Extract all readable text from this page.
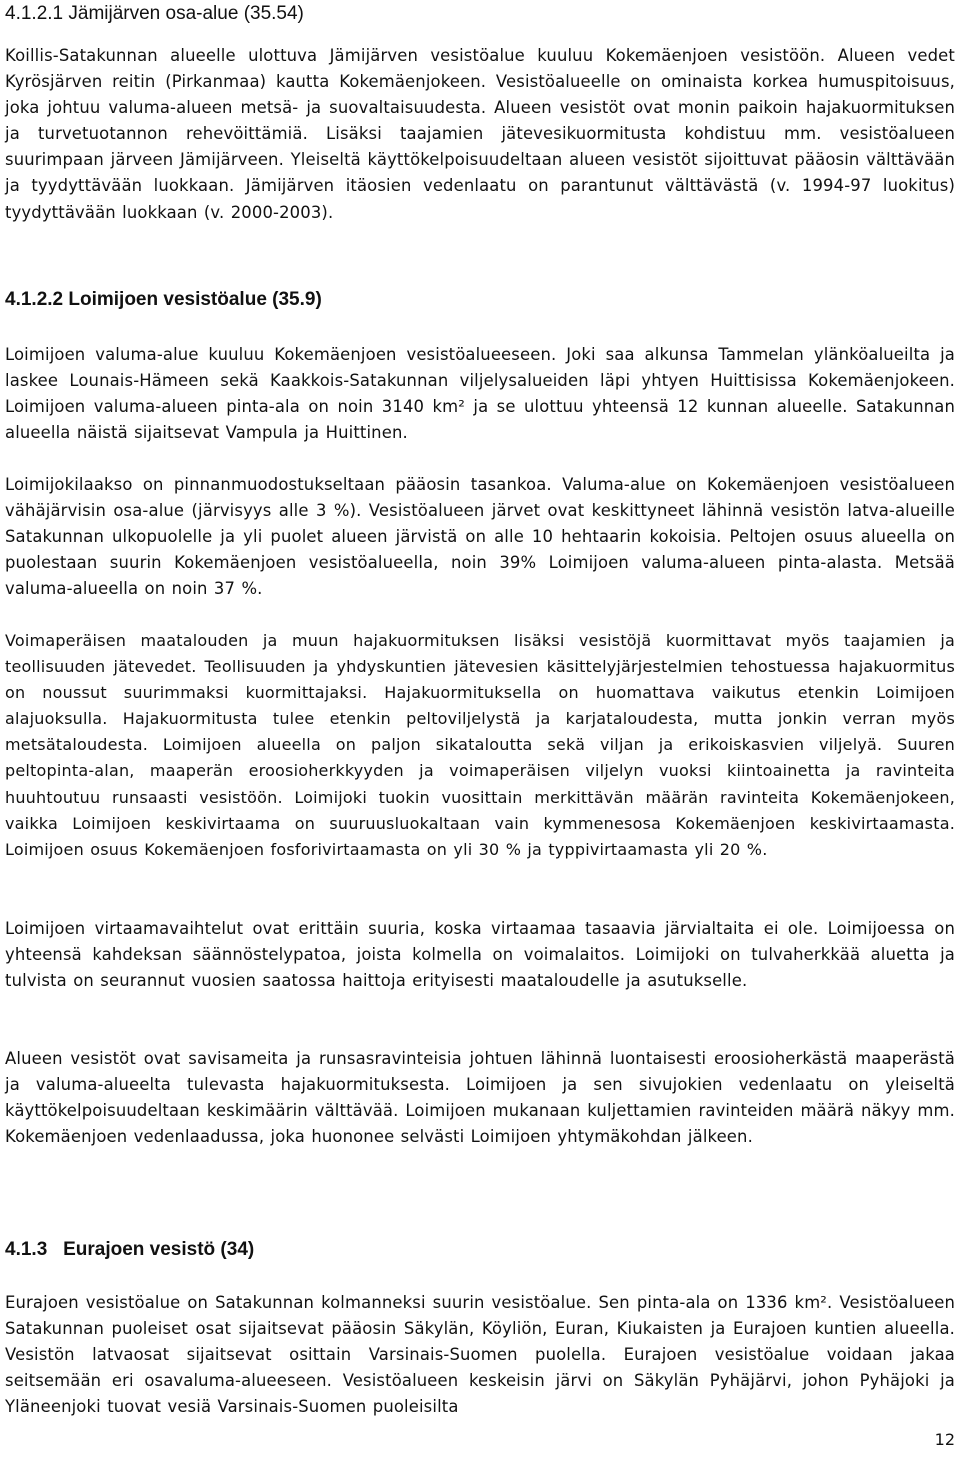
4.1.2.1 Jämijärven osa-alue (35.54)

Koillis-Satakunnan alueelle ulottuva Jämijärven vesistöalue kuuluu Kokemäenjoen vesistöön. Alueen vedet Kyrösjärven reitin (Pirkanmaa) kautta Kokemäenjokeen. Vesistöalueelle on ominaista korkea humuspitoisuus, joka johtuu valuma-alueen metsä- ja suovaltaisuudesta. Alueen vesistöt ovat monin paikoin hajakuormituksen ja turvetuotannon rehevöittämiä. Lisäksi taajamien jätevesikuormitusta kohdistuu mm. vesistöalueen suurimpaan järveen Jämijärveen. Yleiseltä käyttökelpoisuudeltaan alueen vesistöt sijoittuvat pääosin välttävään ja tyydyttävään luokkaan. Jämijärven itäosien vedenlaatu on parantunut välttävästä (v. 1994-97 luokitus) tyydyttävään luokkaan (v. 2000-2003).

4.1.2.2 Loimijoen vesistöalue (35.9)

Loimijoen valuma-alue kuuluu Kokemäenjoen vesistöalueeseen. Joki saa alkunsa Tammelan ylänköalueilta ja laskee Lounais-Hämeen sekä Kaakkois-Satakunnan viljelysalueiden läpi yhtyen Huittisissa Kokemäenjokeen. Loimijoen valuma-alueen pinta-ala on noin 3140 km² ja se ulottuu yhteensä 12 kunnan alueelle. Satakunnan alueella näistä sijaitsevat Vampula ja Huittinen.

Loimijokilaakso on pinnanmuodostukseltaan pääosin tasankoa. Valuma-alue on Kokemäenjoen vesistöalueen vähäjärvisin osa-alue (järvisyys alle 3 %). Vesistöalueen järvet ovat keskittyneet lähinnä vesistön latva-alueille Satakunnan ulkopuolelle ja yli puolet alueen järvistä on alle 10 hehtaarin kokoisia. Peltojen osuus alueella on puolestaan suurin Kokemäenjoen vesistöalueella, noin 39% Loimijoen valuma-alueen pinta-alasta. Metsää valuma-alueella on noin 37 %.

Voimaperäisen maatalouden ja muun hajakuormituksen lisäksi vesistöjä kuormittavat myös taajamien ja teollisuuden jätevedet. Teollisuuden ja yhdyskuntien jätevesien käsittelyjärjestelmien tehostuessa hajakuormitus on noussut suurimmaksi kuormittajaksi. Hajakuormituksella on huomattava vaikutus etenkin Loimijoen alajuoksulla. Hajakuormitusta tulee etenkin peltoviljelystä ja karjataloudesta, mutta jonkin verran myös metsätaloudesta. Loimijoen alueella on paljon sikataloutta sekä viljan ja erikoiskasvien viljelyä. Suuren peltopinta-alan, maaperän eroosioherkkyyden ja voimaperäisen viljelyn vuoksi kiintoainetta ja ravinteita huuhtoutuu runsaasti vesistöön. Loimijoki tuokin vuosittain merkittävän määrän ravinteita Kokemäenjokeen, vaikka Loimijoen keskivirtaama on suuruusluokaltaan vain kymmenesosa Kokemäenjoen keskivirtaamasta. Loimijoen osuus Kokemäenjoen fosforivirtaamasta on yli 30 % ja typpivirtaamasta yli 20 %.

Loimijoen virtaamavaihtelut ovat erittäin suuria, koska virtaamaa tasaavia järvialtaita ei ole. Loimijoessa on yhteensä kahdeksan säännöstelypatoa, joista kolmella on voimalaitos. Loimijoki on tulvaherkkää aluetta ja tulvista on seurannut vuosien saatossa haittoja erityisesti maataloudelle ja asutukselle.

Alueen vesistöt ovat savisameita ja runsasravinteisia johtuen lähinnä luontaisesti eroosioherkästä maaperästä ja valuma-alueelta tulevasta hajakuormituksesta. Loimijoen ja sen sivujokien vedenlaatu on yleiseltä käyttökelpoisuudeltaan keskimäärin välttävää. Loimijoen mukanaan kuljettamien ravinteiden määrä näkyy mm. Kokemäenjoen vedenlaadussa, joka huononee selvästi Loimijoen yhtymäkohdan jälkeen.

4.1.3   Eurajoen vesistö (34)

Eurajoen vesistöalue on Satakunnan kolmanneksi suurin vesistöalue. Sen pinta-ala on 1336 km². Vesistöalueen Satakunnan puoleiset osat sijaitsevat pääosin Säkylän, Köyliön, Euran, Kiukaisten ja Eurajoen kuntien alueella. Vesistön latvaosat sijaitsevat osittain Varsinais-Suomen puolella. Eurajoen vesistöalue voidaan jakaa seitsemään eri osavaluma-alueeseen. Vesistöalueen keskeisin järvi on Säkylän Pyhäjärvi, johon Pyhäjoki ja Yläneenjoki tuovat vesiä Varsinais-Suomen puoleisilta

12
